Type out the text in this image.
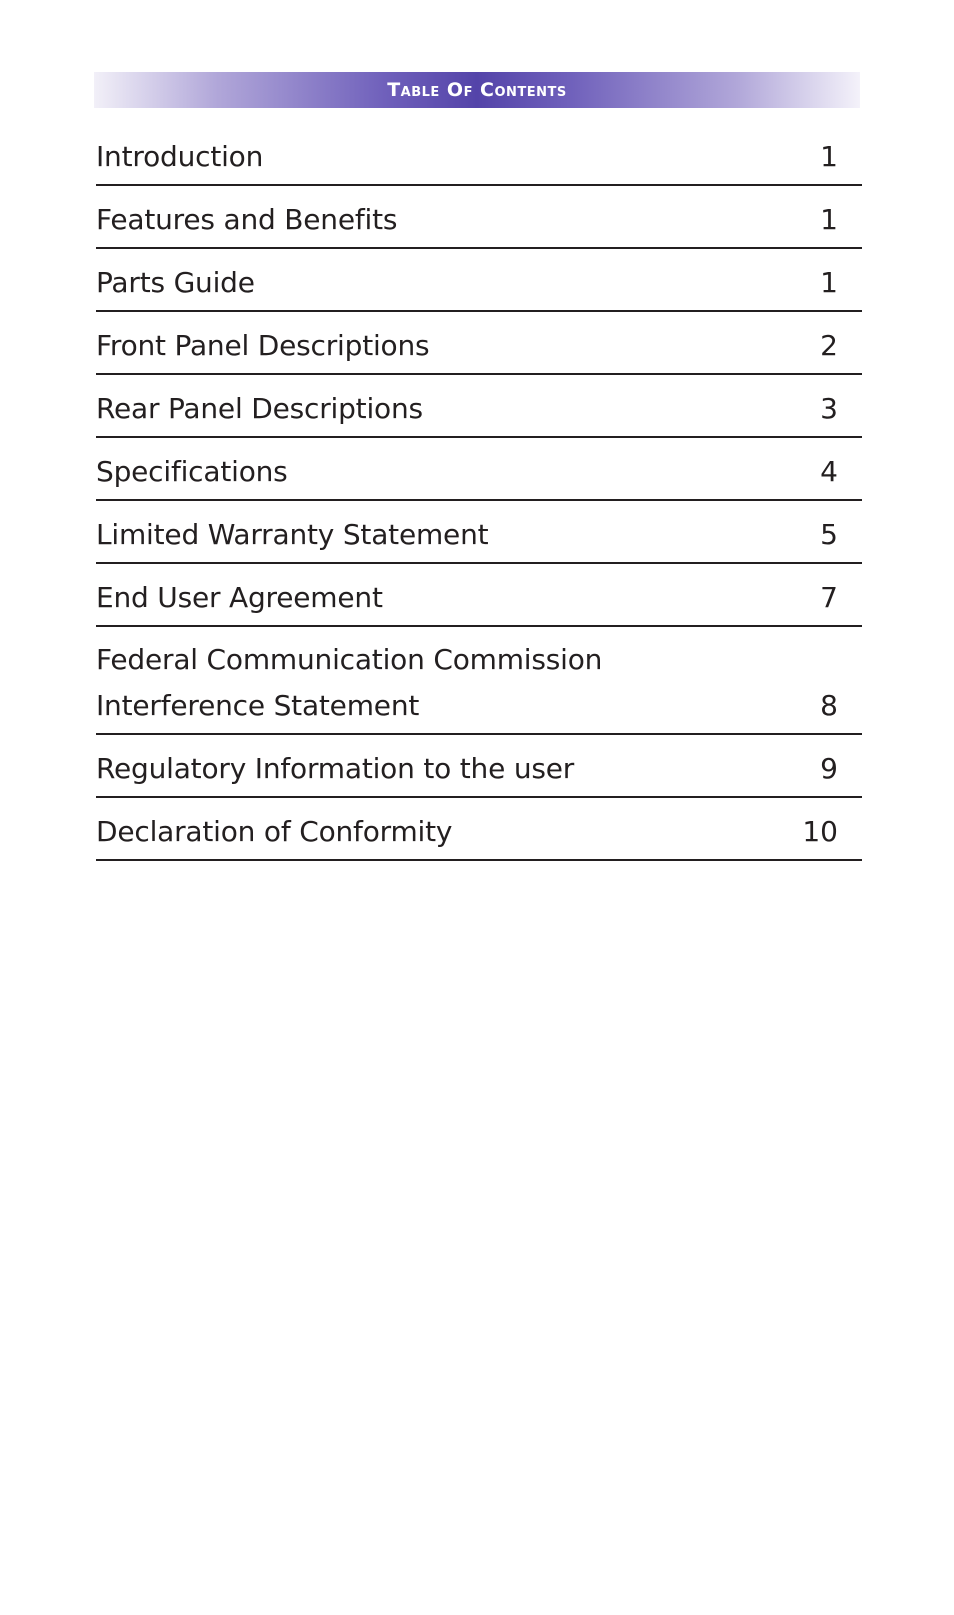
Table Of Contents
Introduction	1
Features and Benefits	1
Parts Guide	1
Front Panel Descriptions	2
Rear Panel Descriptions	3
Specifications	4
Limited Warranty Statement	5
End User Agreement	7
Federal Communication Commission
Interference Statement	8
Regulatory Information to the user	9
Declaration of Conformity	10
